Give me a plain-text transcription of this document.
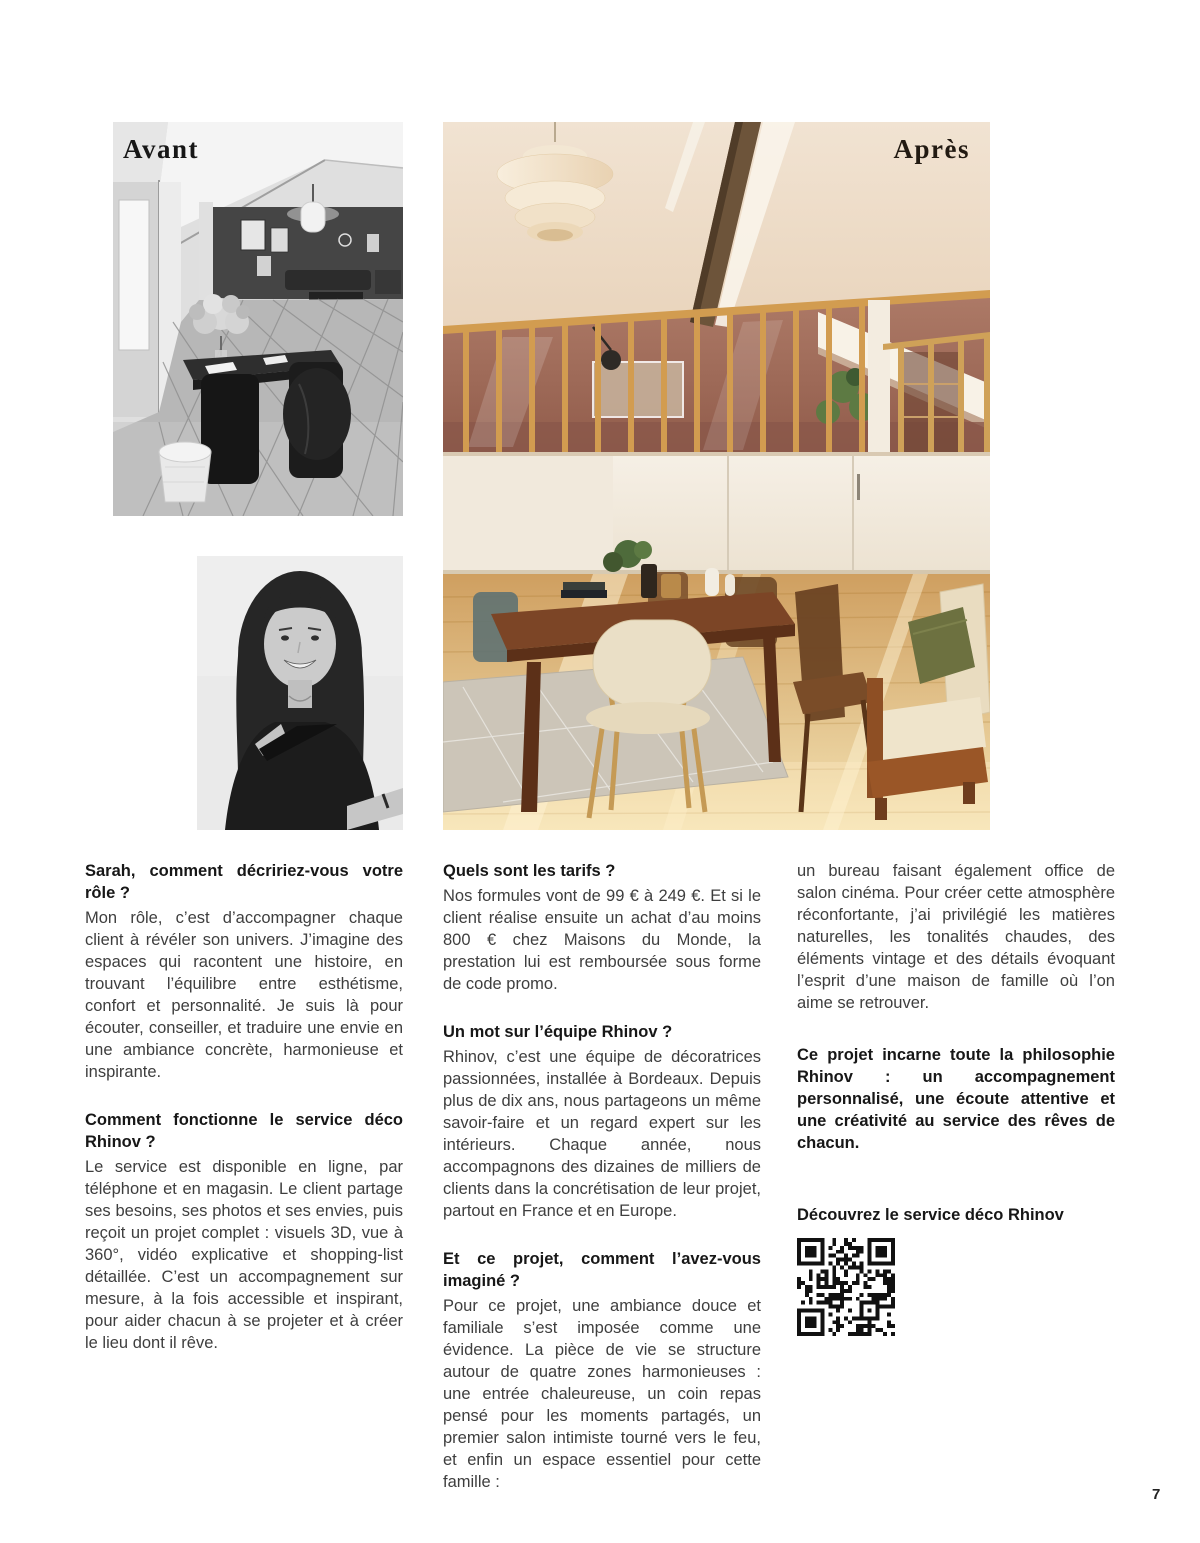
Avant	Après

Sarah, comment décririez-vous votre rôle ?

Mon rôle, c’est d’accompagner chaque client à révéler son univers. J’imagine des espaces qui racontent une histoire, en trouvant l’équilibre entre esthétisme, confort et personnalité. Je suis là pour écouter, conseiller, et traduire une envie en une ambiance concrète, harmonieuse et inspirante.

Comment fonctionne le service déco Rhinov ?

Le service est disponible en ligne, par téléphone et en magasin. Le client partage ses besoins, ses photos et ses envies, puis reçoit un projet complet : visuels 3D, vue à 360°, vidéo explicative et shopping-list détaillée. C’est un accompagnement sur mesure, à la fois accessible et inspirant, pour aider chacun à se projeter et à créer le lieu dont il rêve.

Quels sont les tarifs ?

Nos formules vont de 99 € à 249 €. Et si le client réalise ensuite un achat d’au moins 800 € chez Maisons du Monde, la prestation lui est remboursée sous forme de code promo.

Un mot sur l’équipe Rhinov ?

Rhinov, c’est une équipe de décoratrices passionnées, installée à Bordeaux. Depuis plus de dix ans, nous partageons un même savoir-faire et un regard expert sur les intérieurs. Chaque année, nous accompagnons des dizaines de milliers de clients dans la concrétisation de leur projet, partout en France et en Europe.

Et ce projet, comment l’avez-vous imaginé ?

Pour ce projet, une ambiance douce et familiale s’est imposée comme une évidence. La pièce de vie se structure autour de quatre zones harmonieuses : une entrée chaleureuse, un coin repas pensé pour les moments partagés, un premier salon intimiste tourné vers le feu, et enfin un espace essentiel pour cette famille :

un bureau faisant également office de salon cinéma. Pour créer cette atmosphère réconfortante, j’ai privilégié les matières naturelles, les tonalités chaudes, des éléments vintage et des détails évoquant l’esprit d’une maison de famille où l’on aime se retrouver.

Ce projet incarne toute la philosophie Rhinov : un accompagnement personnalisé, une écoute attentive et une créativité au service des rêves de chacun.

Découvrez le service déco Rhinov

7
